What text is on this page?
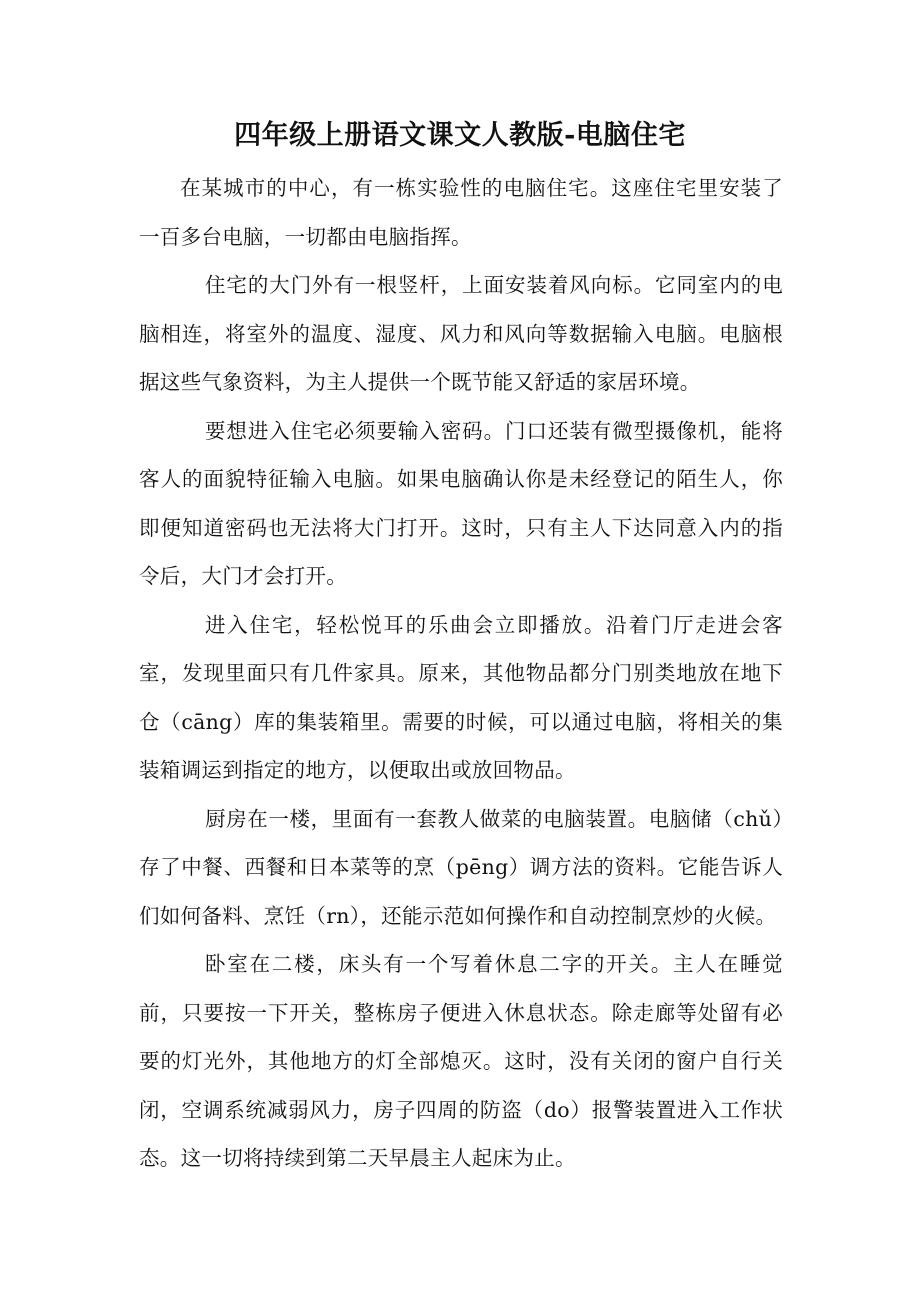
四年级上册语文课文人教版-电脑住宅

在某城市的中心，有一栋实验性的电脑住宅。这座住宅里安装了一百多台电脑，一切都由电脑指挥。

住宅的大门外有一根竖杆，上面安装着风向标。它同室内的电脑相连，将室外的温度、湿度、风力和风向等数据输入电脑。电脑根据这些气象资料，为主人提供一个既节能又舒适的家居环境。

要想进入住宅必须要输入密码。门口还装有微型摄像机，能将客人的面貌特征输入电脑。如果电脑确认你是未经登记的陌生人，你即便知道密码也无法将大门打开。这时，只有主人下达同意入内的指令后，大门才会打开。

进入住宅，轻松悦耳的乐曲会立即播放。沿着门厅走进会客室，发现里面只有几件家具。原来，其他物品都分门别类地放在地下仓（cāng）库的集装箱里。需要的时候，可以通过电脑，将相关的集装箱调运到指定的地方，以便取出或放回物品。

厨房在一楼，里面有一套教人做菜的电脑装置。电脑储（chǔ）存了中餐、西餐和日本菜等的烹（pēng）调方法的资料。它能告诉人们如何备料、烹饪（rn），还能示范如何操作和自动控制烹炒的火候。

卧室在二楼，床头有一个写着休息二字的开关。主人在睡觉前，只要按一下开关，整栋房子便进入休息状态。除走廊等处留有必要的灯光外，其他地方的灯全部熄灭。这时，没有关闭的窗户自行关闭，空调系统减弱风力，房子四周的防盗（do）报警装置进入工作状态。这一切将持续到第二天早晨主人起床为止。
